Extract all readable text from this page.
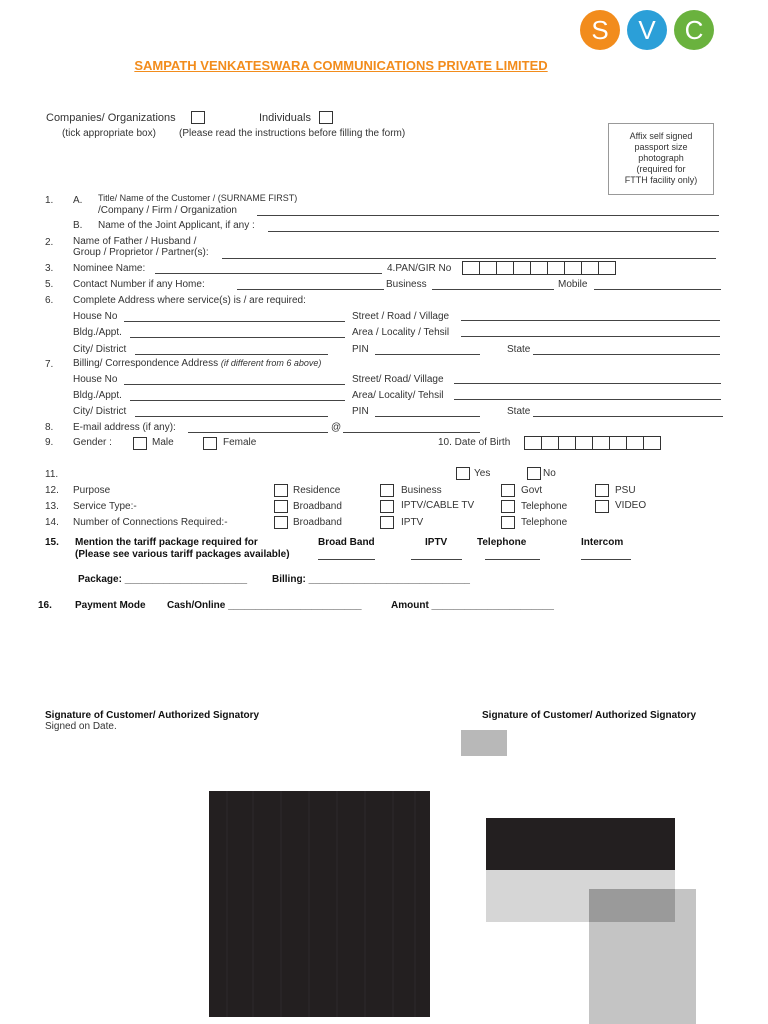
S	V	C
SAMPATH VENKATESWARA COMMUNICATIONS PRIVATE LIMITED
Companies/ Organizations	Individuals
(tick appropriate box) (Please read the instructions before filling the form)	Affix self signed
passport size
photograph
(required for
FTTH facility only)
1. A. Title/ Name of the Customer / (SURNAME FIRST)
/Company / Firm / Organization
B. Name of the Joint Applicant, if any :
2. Name of Father / Husband /
Group / Proprietor / Partner(s):
3. Nominee Name:	4.PAN/GIR No
5. Contact Number if any Home:	Business	Mobile
6. Complete Address where service(s) is / are required:
House No	Street / Road / Village
Bldg./Appt.	Area / Locality / Tehsil
City/ District	PIN	State
7. Billing/ Correspondence Address (if different from 6 above)
House No	Street/ Road/ Village
Bldg./Appt.	Area/ Locality/ Tehsil
City/ District	PIN	State
8. E-mail address (if any):	@
9. Gender :	Male	Female	10. Date of Birth
11.	Yes	No
12. Purpose	Residence	Business	Govt	PSU
13. Service Type:-	Broadband	IPTV/CABLE TV	Telephone	VIDEO
14. Number of Connections Required:-	Broadband	IPTV	Telephone
15. Mention the tariff package required for
(Please see various tariff packages available)
Broad Band	IPTV	Telephone	Intercom
Package: ______________________ Billing: _____________________________
16. Payment Mode Cash/Online ________________________	Amount ______________________
Signature of Customer/ Authorized Signatory
Signed on Date.
Signature of Customer/ Authorized Signatory
